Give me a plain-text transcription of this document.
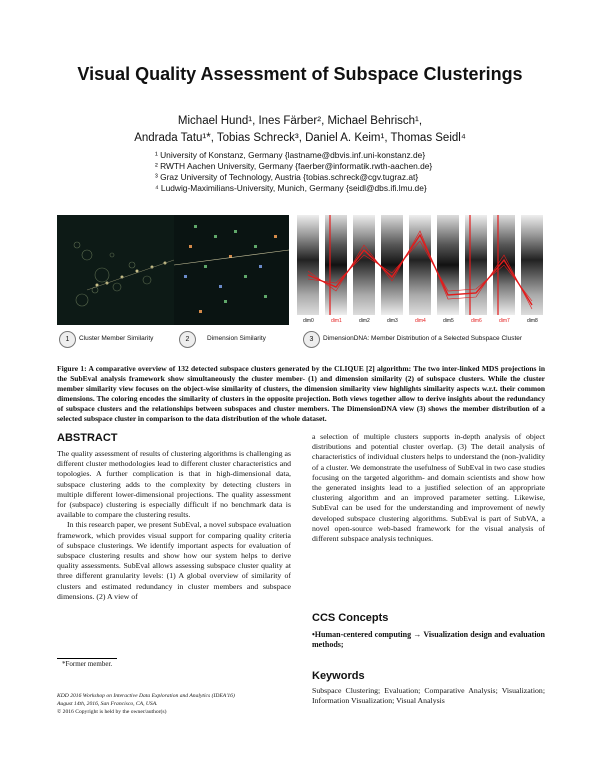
Visual Quality Assessment of Subspace Clusterings
Michael Hund¹, Ines Färber², Michael Behrisch¹,
Andrada Tatu¹*, Tobias Schreck³, Daniel A. Keim¹, Thomas Seidl⁴
¹ University of Konstanz, Germany {lastname@dbvis.inf.uni-konstanz.de}
² RWTH Aachen University, Germany {faerber@informatik.rwth-aachen.de}
³ Graz University of Technology, Austria {tobias.schreck@cgv.tugraz.at}
⁴ Ludwig-Maximilians-University, Munich, Germany {seidl@dbs.ifi.lmu.de}
dim0	dim1	dim2	dim3	dim4	dim5	dim6	dim7	dim8
1	Cluster Member Similarity	2	Dimension Similarity	3	DimensionDNA: Member Distribution of a Selected Subspace Cluster
Figure 1: A comparative overview of 132 detected subspace clusters generated by the CLIQUE [2] algorithm: The two inter-linked MDS projections in the SubEval analysis framework show simultaneously the cluster member- (1) and dimension similarity (2) of subspace clusters. While the cluster member similarity view focuses on the object-wise similarity of clusters, the dimension similarity view highlights similarity aspects w.r.t. their common dimensions. The coloring encodes the similarity of clusters in the opposite projection. Both views together allow to derive insights about the redundancy of subspace clusters and the relationships between subspaces and cluster members. The DimensionDNA view (3) shows the member distribution of a selected subspace cluster in comparison to the data distribution of the whole dataset.
ABSTRACT

The quality assessment of results of clustering algorithms is challenging as different cluster methodologies lead to different cluster characteristics and topologies. A further complication is that in high-dimensional data, subspace clustering adds to the complexity by detecting clusters in multiple different lower-dimensional projections. The quality assessment for (subspace) clustering is especially difficult if no benchmark data is available to compare the clustering results.

In this research paper, we present SubEval, a novel subspace evaluation framework, which provides visual support for comparing quality criteria of subspace clusterings. We identify important aspects for evaluation of subspace clustering results and show how our system helps to derive quality assessments. SubEval allows assessing subspace cluster quality at three different granularity levels: (1) A global overview of similarity of clusters and estimated redundancy in cluster members and subspace dimensions. (2) A view of

a selection of multiple clusters supports in-depth analysis of object distributions and potential cluster overlap. (3) The detail analysis of characteristics of individual clusters helps to understand the (non-)validity of a cluster. We demonstrate the usefulness of SubEval in two case studies focusing on the targeted algorithm- and domain scientists and show how the generated insights lead to a justified selection of an appropriate clustering algorithm and an improved parameter setting. Likewise, SubEval can be used for the understanding and improvement of newly developed subspace clustering algorithms. SubEval is part of SubVA, a novel open-source web-based framework for the visual analysis of different subspace analysis techniques.

CCS Concepts
•Human-centered computing → Visualization design and evaluation methods;
Keywords
Subspace Clustering; Evaluation; Comparative Analysis; Visualization; Information Visualization; Visual Analysis
*Former member.
KDD 2016 Workshop on Interactive Data Exploration and Analytics (IDEA'16)
August 14th, 2016, San Francisco, CA, USA.
© 2016 Copyright is held by the owner/author(s)
